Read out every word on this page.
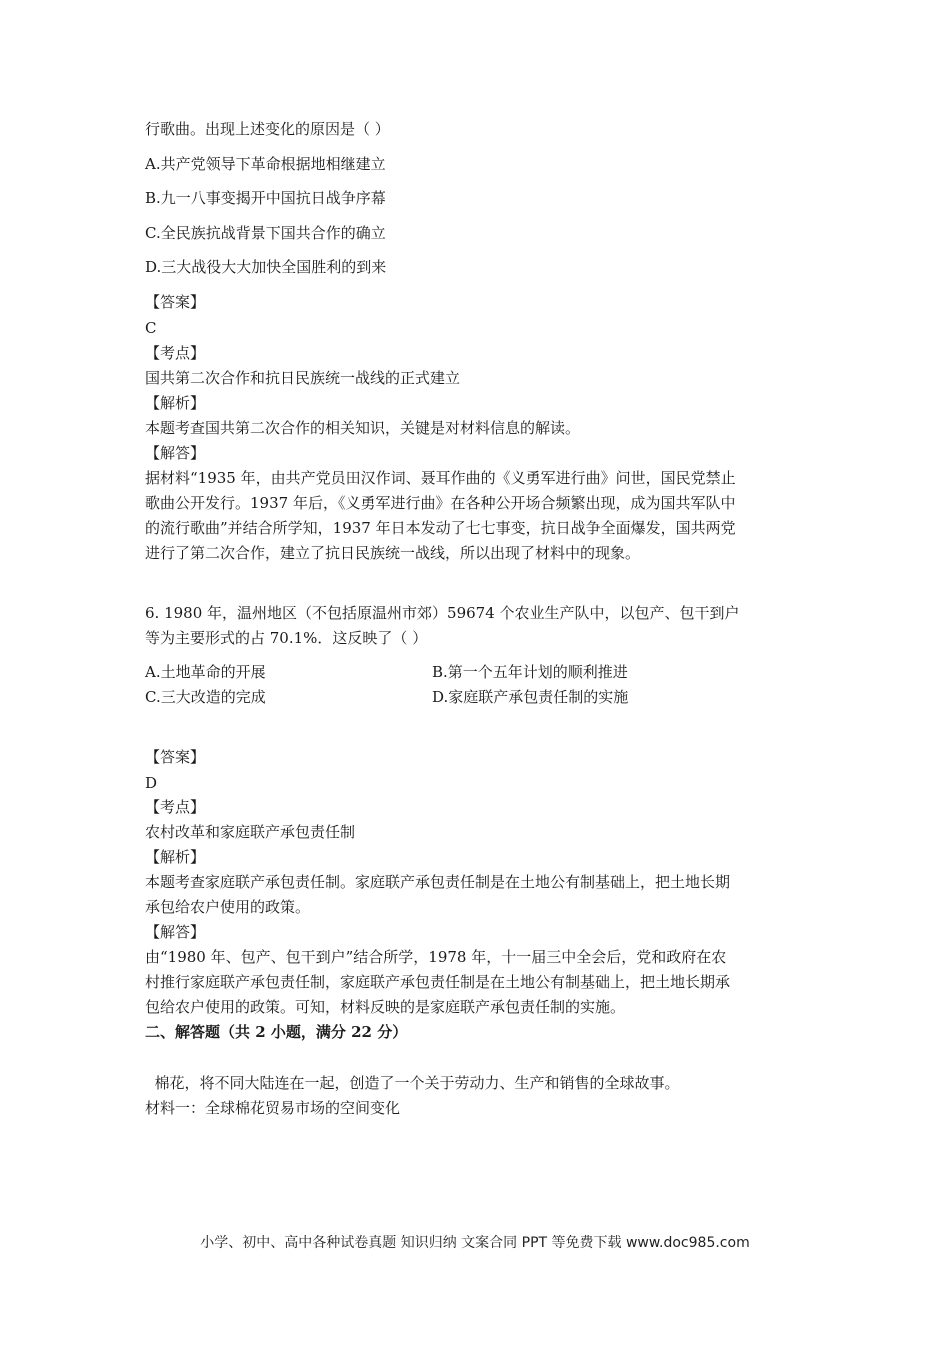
行歌曲。出现上述变化的原因是（ ）
A.共产党领导下革命根据地相继建立
B.九一八事变揭开中国抗日战争序幕
C.全民族抗战背景下国共合作的确立
D.三大战役大大加快全国胜利的到来
【答案】
C
【考点】
国共第二次合作和抗日民族统一战线的正式建立
【解析】
本题考查国共第二次合作的相关知识，关键是对材料信息的解读。
【解答】
据材料“1935 年，由共产党员田汉作词、聂耳作曲的《义勇军进行曲》问世，国民党禁止
歌曲公开发行。1937 年后，《义勇军进行曲》在各种公开场合频繁出现，成为国共军队中
的流行歌曲”并结合所学知，1937 年日本发动了七七事变，抗日战争全面爆发，国共两党
进行了第二次合作，建立了抗日民族统一战线，所以出现了材料中的现象。
6. 1980 年，温州地区（不包括原温州市郊）59674 个农业生产队中，以包产、包干到户
等为主要形式的占 70.1%．这反映了（ ）
A.土地革命的开展	B.第一个五年计划的顺利推进
C.三大改造的完成	D.家庭联产承包责任制的实施
【答案】
D
【考点】
农村改革和家庭联产承包责任制
【解析】
本题考查家庭联产承包责任制。家庭联产承包责任制是在土地公有制基础上，把土地长期
承包给农户使用的政策。
【解答】
由“1980 年、包产、包干到户”结合所学，1978 年，十一届三中全会后，党和政府在农
村推行家庭联产承包责任制，家庭联产承包责任制是在土地公有制基础上，把土地长期承
包给农户使用的政策。可知，材料反映的是家庭联产承包责任制的实施。
二、解答题（共 2 小题，满分 22 分）
棉花，将不同大陆连在一起，创造了一个关于劳动力、生产和销售的全球故事。
材料一：全球棉花贸易市场的空间变化
小学、初中、高中各种试卷真题 知识归纳 文案合同 PPT 等免费下载 www.doc985.com
